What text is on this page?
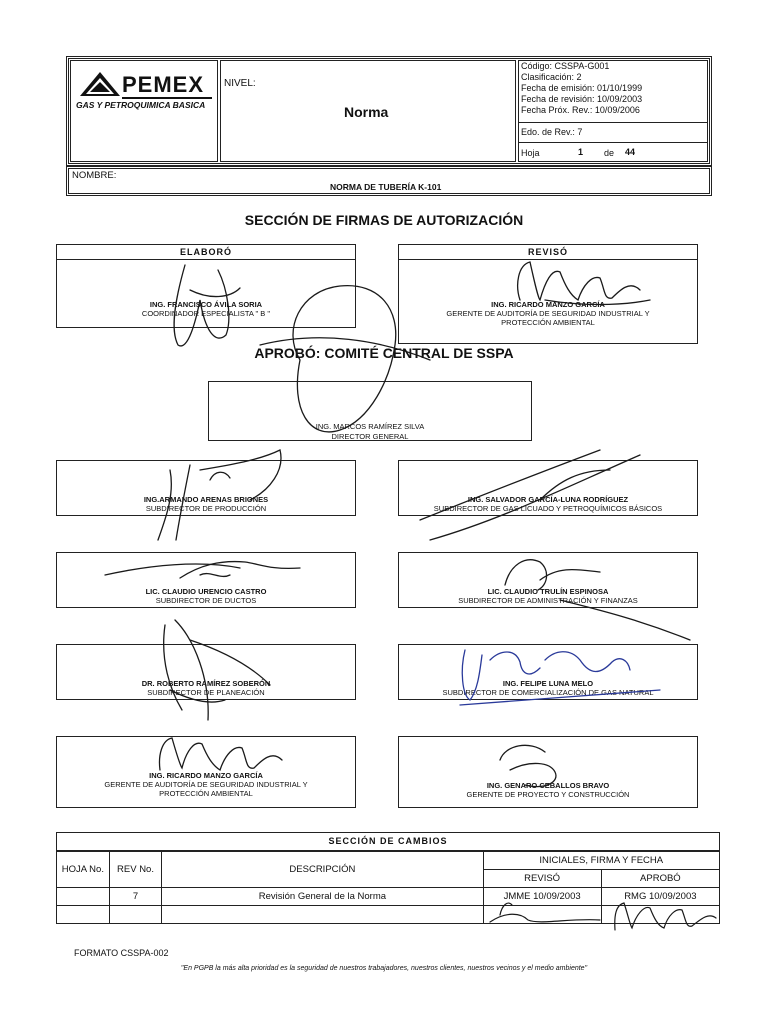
PEMEX
GAS Y PETROQUIMICA BASICA
NIVEL:
Norma
Código: CSSPA-G001
Clasificación: 2
Fecha de emisión: 01/10/1999
Fecha de revisión: 10/09/2003
Fecha Próx. Rev.: 10/09/2006
Edo. de Rev.: 7
Hoja	1 de 44
NOMBRE:
NORMA DE TUBERÍA K-101
SECCIÓN DE FIRMAS DE AUTORIZACIÓN
ELABORÓ
ING. FRANCISCO ÁVILA SORIA
COORDINADOR ESPECIALISTA " B "
REVISÓ
ING. RICARDO MANZO GARCÍA
GERENTE DE AUDITORÍA DE SEGURIDAD INDUSTRIAL Y
PROTECCIÓN AMBIENTAL
APROBÓ: COMITÉ CENTRAL DE SSPA
ING. MARCOS RAMÍREZ SILVA
DIRECTOR GENERAL
ING.ARMANDO ARENAS BRIONES
SUBDIRECTOR DE PRODUCCIÓN
ING. SALVADOR GARCÍA-LUNA RODRÍGUEZ
SUBDIRECTOR DE GAS LICUADO Y PETROQUÍMICOS BÁSICOS
LIC. CLAUDIO URENCIO CASTRO
SUBDIRECTOR DE DUCTOS
LIC. CLAUDIO TRULÍN ESPINOSA
SUBDIRECTOR DE ADMINISTRACIÓN Y FINANZAS
DR. ROBERTO RAMÍREZ SOBERÓN
SUBDIRECTOR DE PLANEACIÓN
ING. FELIPE LUNA MELO
SUBDIRECTOR DE COMERCIALIZACIÓN DE GAS NATURAL
ING. RICARDO MANZO GARCÍA
GERENTE DE AUDITORÍA DE SEGURIDAD INDUSTRIAL Y
PROTECCIÓN AMBIENTAL
ING. GENARO CEBALLOS BRAVO
GERENTE DE PROYECTO Y CONSTRUCCIÓN
SECCIÓN DE CAMBIOS
HOJA No.	REV No.	DESCRIPCIÓN	INICIALES, FIRMA Y FECHA	
			REVISÓ	APROBÓ
	7	Revisión General de la Norma	JMME 10/09/2003	RMG 10/09/2003

FORMATO CSSPA-002
"En PGPB la más alta prioridad es la seguridad de nuestros trabajadores, nuestros clientes, nuestros vecinos y el medio ambiente"
